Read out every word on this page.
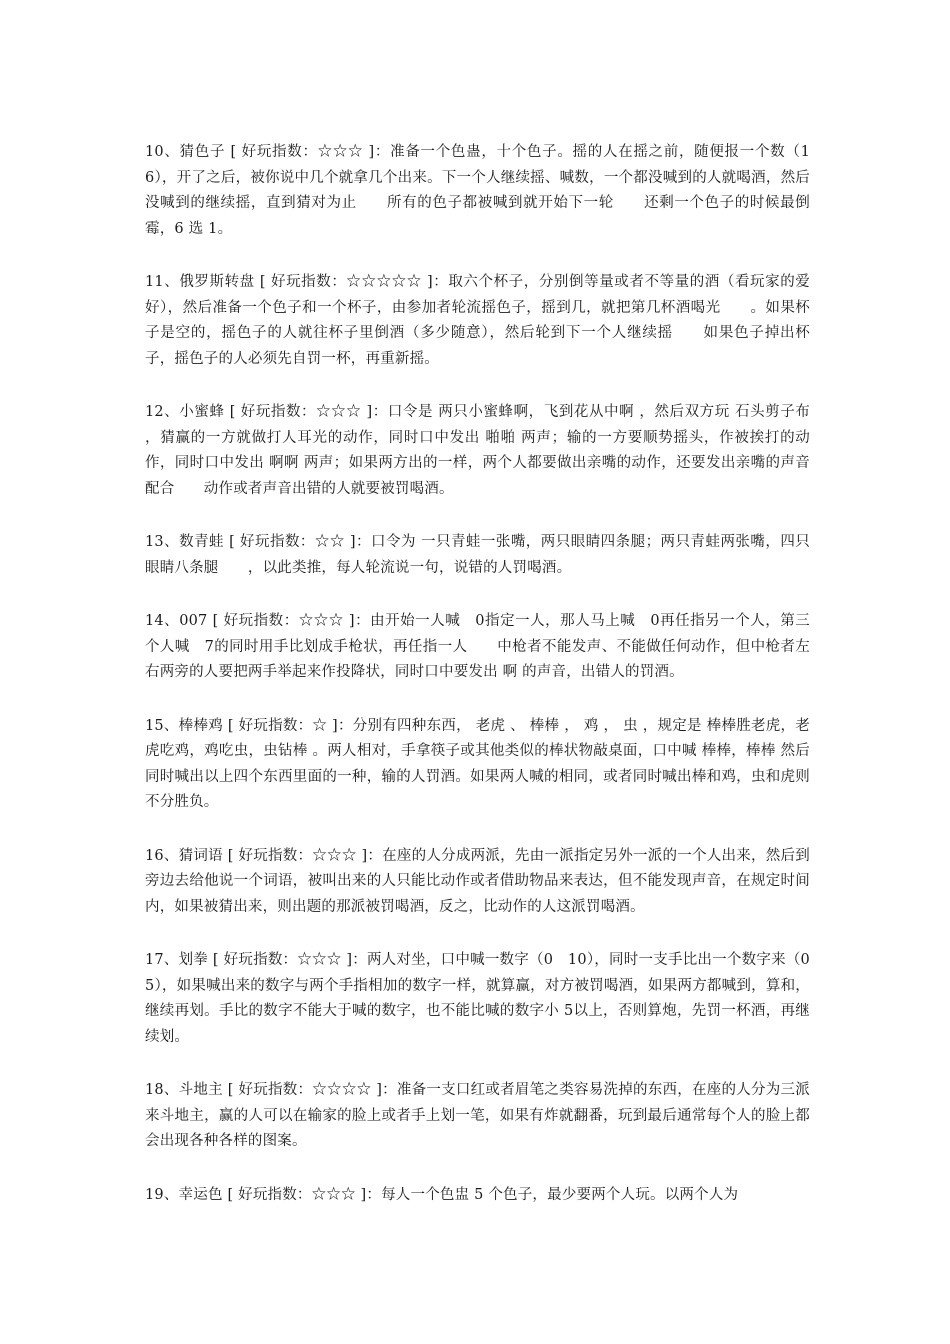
10、猜色子 [ 好玩指数：☆☆☆ ]：准备一个色蛊，十个色子。摇的人在摇之前，随便报一个数（1　6），开了之后，被你说中几个就拿几个出来。下一个人继续摇、喊数，一个都没喊到的人就喝酒，然后没喊到的继续摇，直到猜对为止　　所有的色子都被喊到就开始下一轮　　还剩一个色子的时候最倒霉，6 选 1。

11、俄罗斯转盘 [ 好玩指数：☆☆☆☆☆ ]：取六个杯子，分别倒等量或者不等量的酒（看玩家的爱好），然后准备一个色子和一个杯子，由参加者轮流摇色子，摇到几，就把第几杯酒喝光　　。如果杯子是空的，摇色子的人就往杯子里倒酒（多少随意），然后轮到下一个人继续摇　　如果色子掉出杯子，摇色子的人必须先自罚一杯，再重新摇。

12、小蜜蜂 [ 好玩指数：☆☆☆ ]：口令是 两只小蜜蜂啊，飞到花从中啊 ，然后双方玩 石头剪子布 ，猜赢的一方就做打人耳光的动作，同时口中发出 啪啪 两声；输的一方要顺势摇头，作被挨打的动作，同时口中发出 啊啊 两声；如果两方出的一样，两个人都要做出亲嘴的动作，还要发出亲嘴的声音配合　　动作或者声音出错的人就要被罚喝酒。

13、数青蛙 [ 好玩指数：☆☆ ]：口令为 一只青蛙一张嘴，两只眼睛四条腿；两只青蛙两张嘴，四只眼睛八条腿　　，以此类推，每人轮流说一句，说错的人罚喝酒。

14、007 [ 好玩指数：☆☆☆ ]：由开始一人喊　0指定一人，那人马上喊　0再任指另一个人，第三个人喊　7的同时用手比划成手枪状，再任指一人　　中枪者不能发声、不能做任何动作，但中枪者左右两旁的人要把两手举起来作投降状，同时口中要发出 啊 的声音，出错人的罚酒。

15、棒棒鸡 [ 好玩指数：☆ ]：分别有四种东西， 老虎 、 棒棒 ， 鸡 ， 虫 ，规定是 棒棒胜老虎，老虎吃鸡，鸡吃虫，虫钻棒 。两人相对，手拿筷子或其他类似的棒状物敲桌面，口中喊 棒棒，棒棒 然后同时喊出以上四个东西里面的一种，输的人罚酒。如果两人喊的相同，或者同时喊出棒和鸡，虫和虎则不分胜负。

16、猜词语 [ 好玩指数：☆☆☆ ]：在座的人分成两派，先由一派指定另外一派的一个人出来，然后到旁边去给他说一个词语，被叫出来的人只能比动作或者借助物品来表达，但不能发现声音，在规定时间内，如果被猜出来，则出题的那派被罚喝酒，反之，比动作的人这派罚喝酒。

17、划拳 [ 好玩指数：☆☆☆ ]：两人对坐，口中喊一数字（0　10），同时一支手比出一个数字来（0　5），如果喊出来的数字与两个手指相加的数字一样，就算赢，对方被罚喝酒，如果两方都喊到，算和，继续再划。手比的数字不能大于喊的数字，也不能比喊的数字小 5以上，否则算炮，先罚一杯酒，再继续划。

18、斗地主 [ 好玩指数：☆☆☆☆ ]：准备一支口红或者眉笔之类容易洗掉的东西，在座的人分为三派来斗地主，赢的人可以在输家的脸上或者手上划一笔，如果有炸就翻番，玩到最后通常每个人的脸上都会出现各种各样的图案。

19、幸运色 [ 好玩指数：☆☆☆ ]：每人一个色盅 5 个色子，最少要两个人玩。以两个人为
